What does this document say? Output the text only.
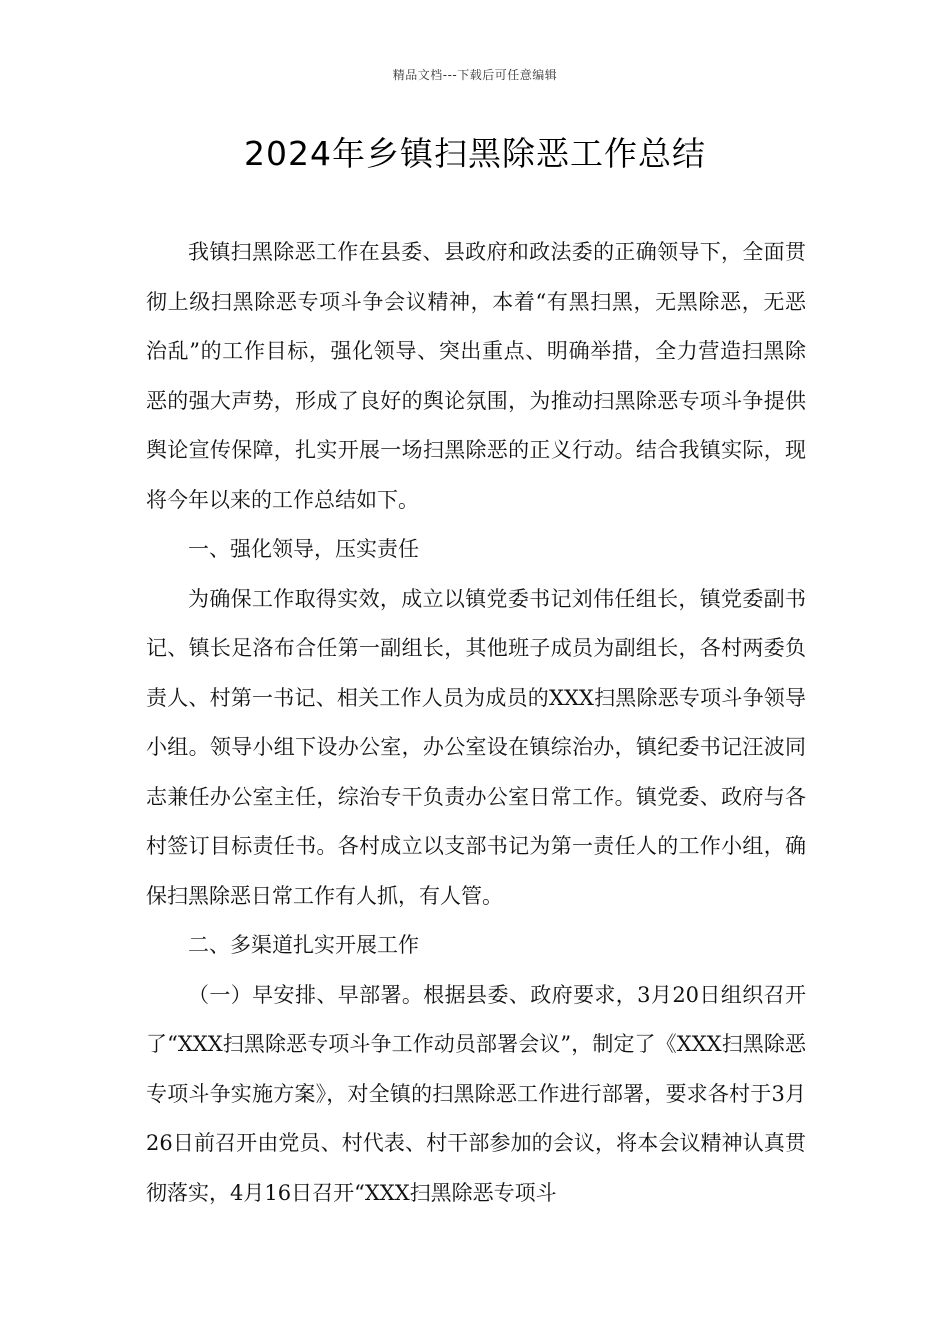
精品文档---下载后可任意编辑
2024年乡镇扫黑除恶工作总结

我镇扫黑除恶工作在县委、县政府和政法委的正确领导下，全面贯彻上级扫黑除恶专项斗争会议精神，本着“有黑扫黑，无黑除恶，无恶治乱”的工作目标，强化领导、突出重点、明确举措，全力营造扫黑除恶的强大声势，形成了良好的舆论氛围，为推动扫黑除恶专项斗争提供舆论宣传保障，扎实开展一场扫黑除恶的正义行动。结合我镇实际，现将今年以来的工作总结如下。

一、强化领导，压实责任

为确保工作取得实效，成立以镇党委书记刘伟任组长，镇党委副书记、镇长足洛布合任第一副组长，其他班子成员为副组长，各村两委负责人、村第一书记、相关工作人员为成员的XXX扫黑除恶专项斗争领导小组。领导小组下设办公室，办公室设在镇综治办，镇纪委书记汪波同志兼任办公室主任，综治专干负责办公室日常工作。镇党委、政府与各村签订目标责任书。各村成立以支部书记为第一责任人的工作小组，确保扫黑除恶日常工作有人抓，有人管。

二、多渠道扎实开展工作

（一）早安排、早部署。根据县委、政府要求，3月20日组织召开了“XXX扫黑除恶专项斗争工作动员部署会议”，制定了《XXX扫黑除恶专项斗争实施方案》，对全镇的扫黑除恶工作进行部署，要求各村于3月26日前召开由党员、村代表、村干部参加的会议，将本会议精神认真贯彻落实，4月16日召开“XXX扫黑除恶专项斗
